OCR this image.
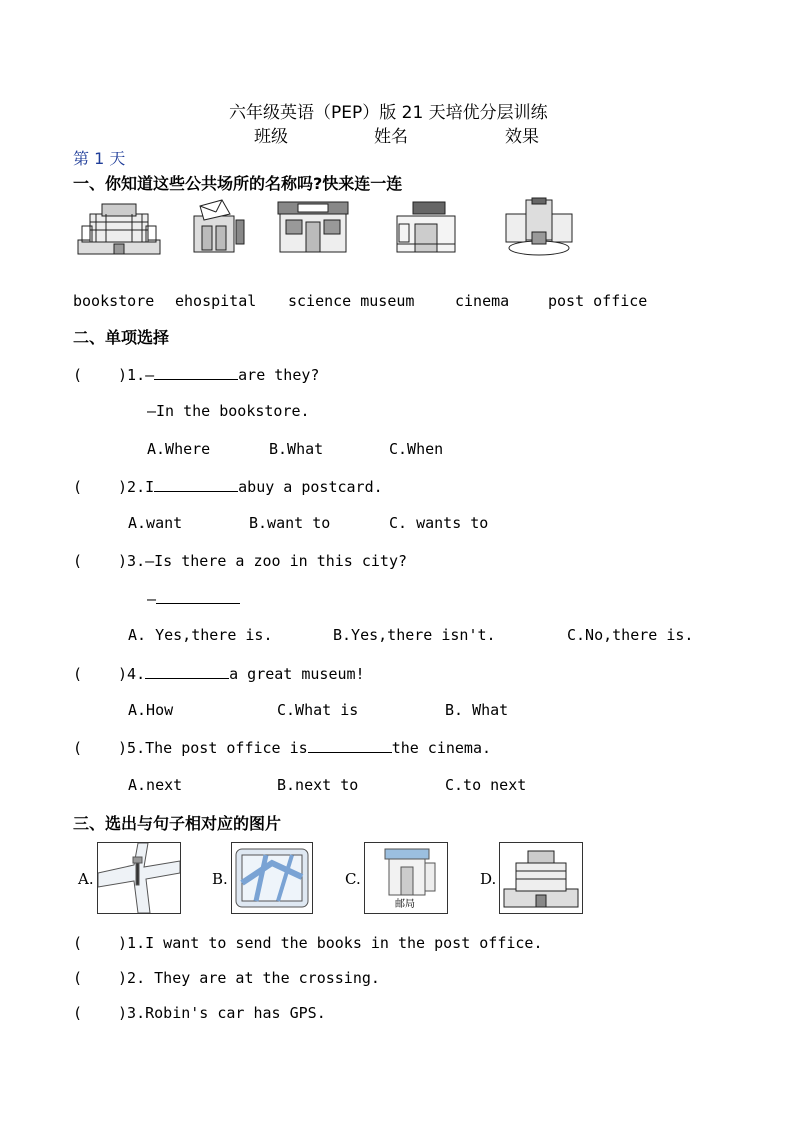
六年级英语（PEP）版 21 天培优分层训练
班级	姓名	效果
第 1 天
一、你知道这些公共场所的名称吗?快来连一连
bookstore ehospital science museum	cinema	post office
二、单项选择
( )1.—	are they?
—In the bookstore.
A.Where	B.What	C.When
( )2.I	abuy a postcard.
A.want	B.want to	C. wants to
( )3.—Is there a zoo in this city?
—
A. Yes,there is.	B.Yes,there isn't.	C.No,there is.
( )4.	a great museum!
A.How	C.What is	B. What
( )5.The post office is	the cinema.
A.next	B.next to	C.to next
三、选出与句子相对应的图片
A.	B.	C.
邮局
D.
( )1.I want to send the books in the post office.
( )2. They are at the crossing.
( )3.Robin's car has GPS.
